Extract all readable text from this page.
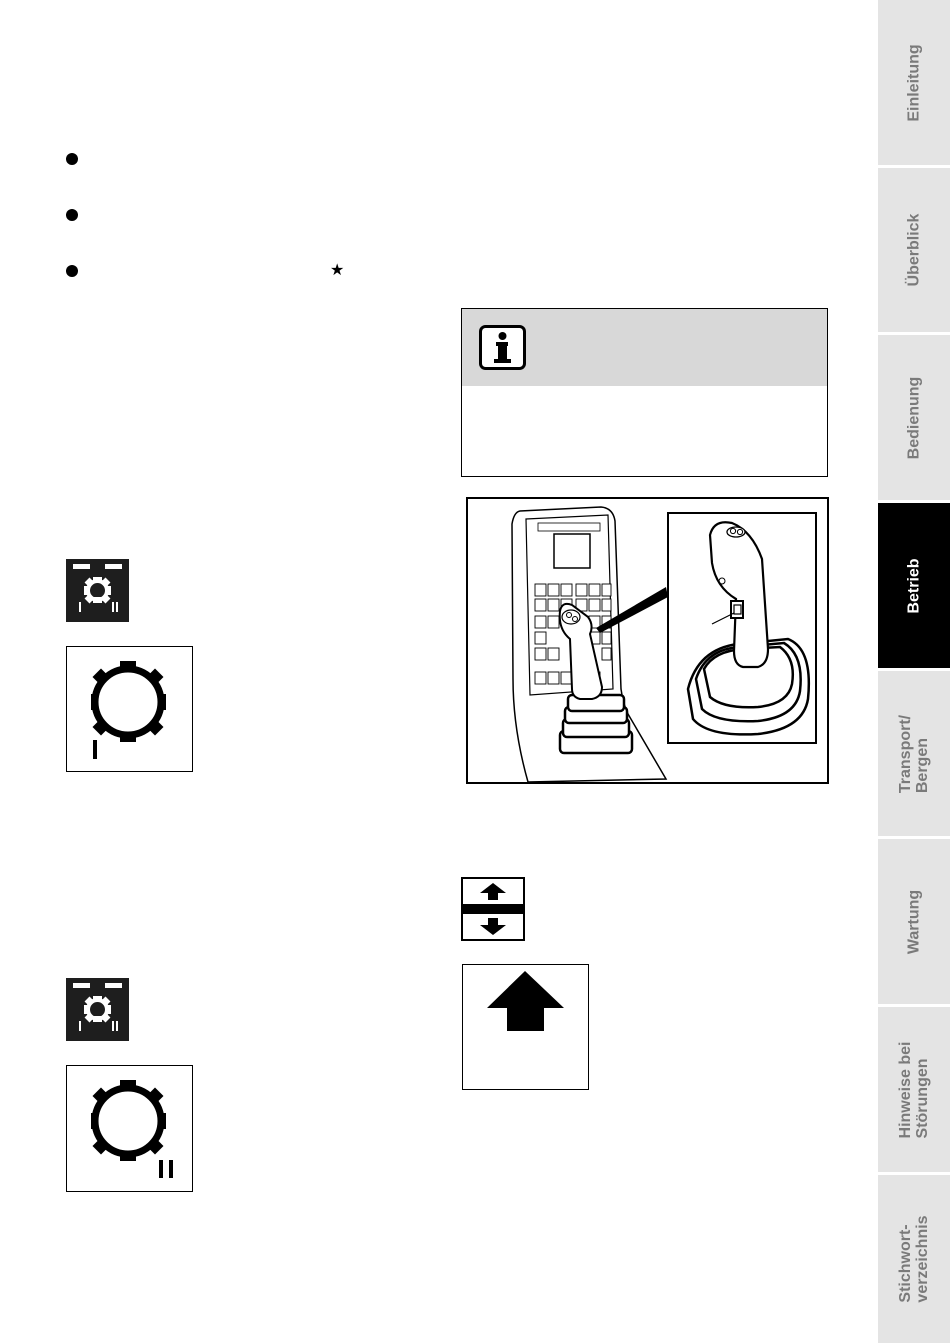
★
Einleitung
Überblick
Bedienung
Betrieb
Transport/
Bergen
Wartung
Hinweise bei
Störungen
Stichwort-
verzeichnis
